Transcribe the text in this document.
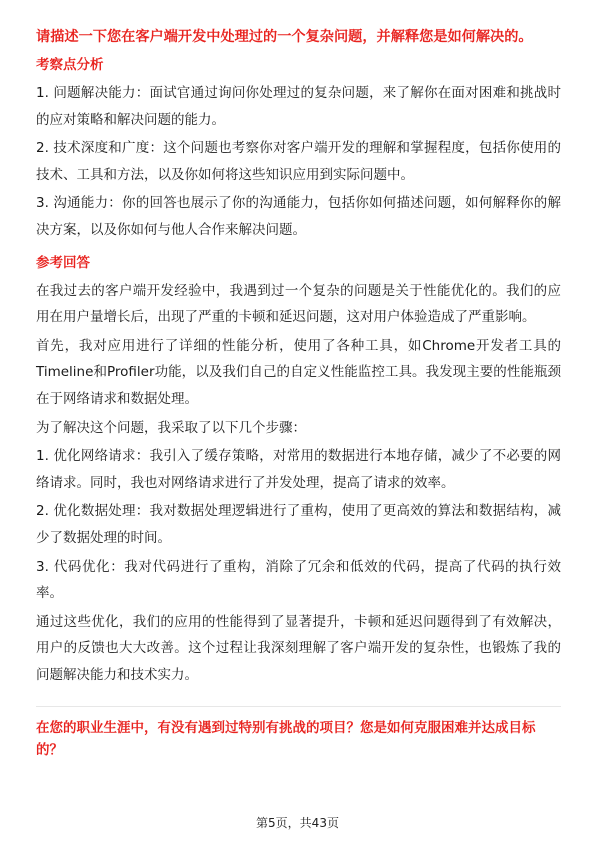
请描述一下您在客户端开发中处理过的一个复杂问题，并解释您是如何解决的。

考察点分析

1. 问题解决能力：面试官通过询问你处理过的复杂问题，来了解你在面对困难和挑战时的应对策略和解决问题的能力。

2. 技术深度和广度：这个问题也考察你对客户端开发的理解和掌握程度，包括你使用的技术、工具和方法，以及你如何将这些知识应用到实际问题中。

3. 沟通能力：你的回答也展示了你的沟通能力，包括你如何描述问题，如何解释你的解决方案，以及你如何与他人合作来解决问题。

参考回答

在我过去的客户端开发经验中，我遇到过一个复杂的问题是关于性能优化的。我们的应用在用户量增长后，出现了严重的卡顿和延迟问题，这对用户体验造成了严重影响。

首先，我对应用进行了详细的性能分析，使用了各种工具，如Chrome开发者工具的Timeline和Profiler功能，以及我们自己的自定义性能监控工具。我发现主要的性能瓶颈在于网络请求和数据处理。

为了解决这个问题，我采取了以下几个步骤：

1. 优化网络请求：我引入了缓存策略，对常用的数据进行本地存储，减少了不必要的网络请求。同时，我也对网络请求进行了并发处理，提高了请求的效率。

2. 优化数据处理：我对数据处理逻辑进行了重构，使用了更高效的算法和数据结构，减少了数据处理的时间。

3. 代码优化：我对代码进行了重构，消除了冗余和低效的代码，提高了代码的执行效率。

通过这些优化，我们的应用的性能得到了显著提升，卡顿和延迟问题得到了有效解决，用户的反馈也大大改善。这个过程让我深刻理解了客户端开发的复杂性，也锻炼了我的问题解决能力和技术实力。

在您的职业生涯中，有没有遇到过特别有挑战的项目？您是如何克服困难并达成目标的？

第5页，共43页
